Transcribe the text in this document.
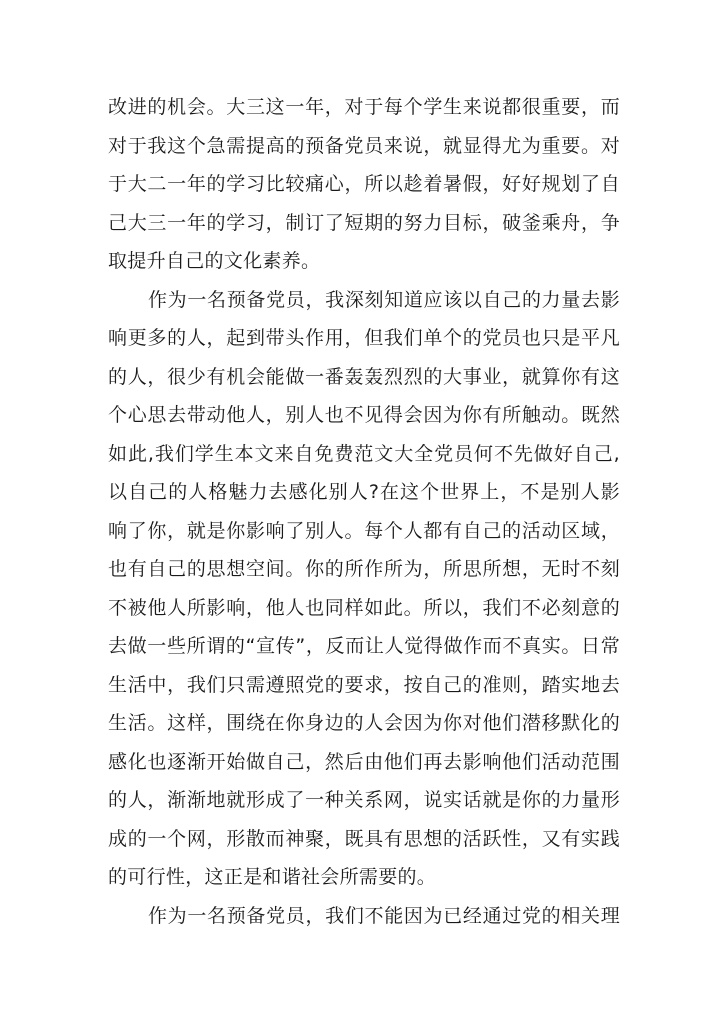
改进的机会。大三这一年，对于每个学生来说都很重要，而
对于我这个急需提高的预备党员来说，就显得尤为重要。对
于大二一年的学习比较痛心，所以趁着暑假，好好规划了自
己大三一年的学习，制订了短期的努力目标，破釜乘舟，争
取提升自己的文化素养。
作为一名预备党员，我深刻知道应该以自己的力量去影
响更多的人，起到带头作用，但我们单个的党员也只是平凡
的人，很少有机会能做一番轰轰烈烈的大事业，就算你有这
个心思去带动他人，别人也不见得会因为你有所触动。既然
如此,我们学生本文来自免费范文大全党员何不先做好自己,
以自己的人格魅力去感化别人?在这个世界上，不是别人影
响了你，就是你影响了别人。每个人都有自己的活动区域，
也有自己的思想空间。你的所作所为，所思所想，无时不刻
不被他人所影响，他人也同样如此。所以，我们不必刻意的
去做一些所谓的“宣传”，反而让人觉得做作而不真实。日常
生活中，我们只需遵照党的要求，按自己的准则，踏实地去
生活。这样，围绕在你身边的人会因为你对他们潜移默化的
感化也逐渐开始做自己，然后由他们再去影响他们活动范围
的人，渐渐地就形成了一种关系网，说实话就是你的力量形
成的一个网，形散而神聚，既具有思想的活跃性，又有实践
的可行性，这正是和谐社会所需要的。
作为一名预备党员，我们不能因为已经通过党的相关理
